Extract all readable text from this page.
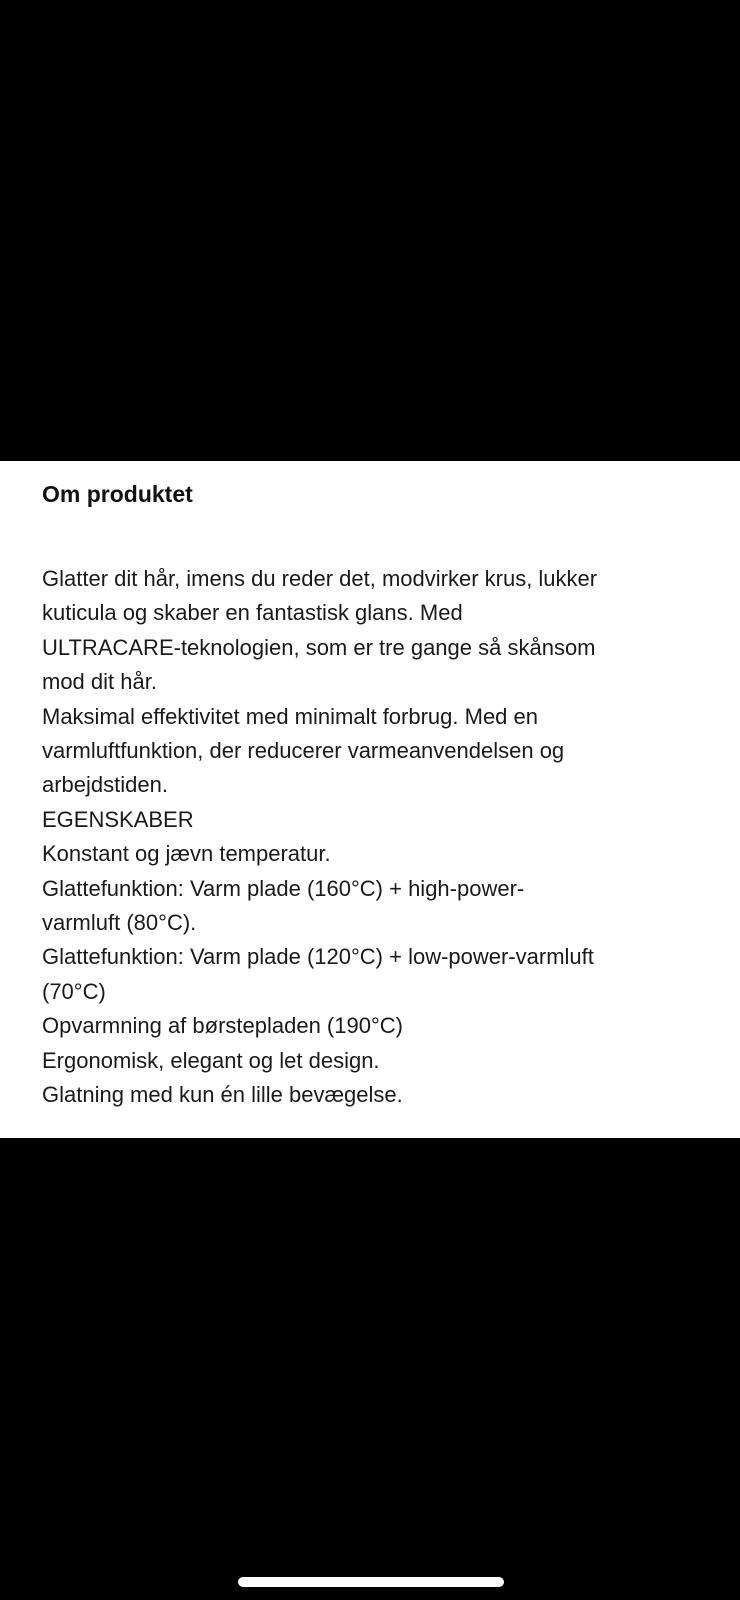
Om produktet

Glatter dit hår, imens du reder det, modvirker krus, lukker

kuticula og skaber en fantastisk glans. Med

ULTRACARE-teknologien, som er tre gange så skånsom

mod dit hår.

Maksimal effektivitet med minimalt forbrug. Med en

varmluftfunktion, der reducerer varmeanvendelsen og

arbejdstiden.

EGENSKABER

Konstant og jævn temperatur.

Glattefunktion: Varm plade (160°C) + high-power-

varmluft (80°C).

Glattefunktion: Varm plade (120°C) + low-power-varmluft

(70°C)

Opvarmning af børstepladen (190°C)

Ergonomisk, elegant og let design.

Glatning med kun én lille bevægelse.
